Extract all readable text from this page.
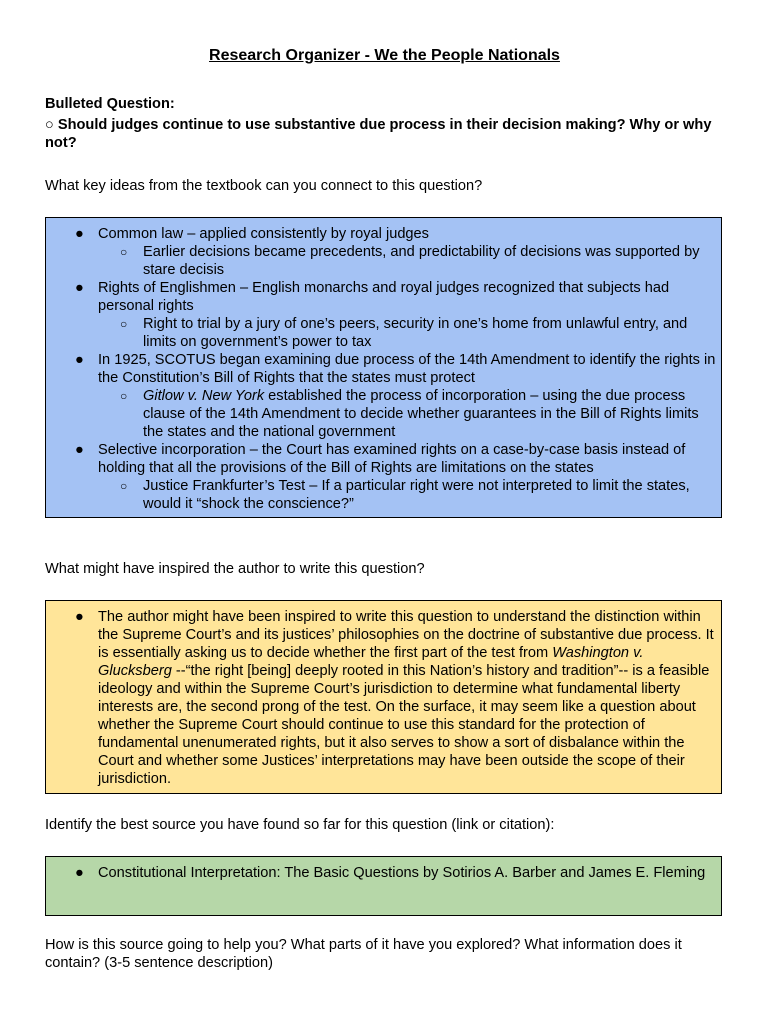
Research Organizer - We the People Nationals
Bulleted Question:
○ Should judges continue to use substantive due process in their decision making? Why or why not?
What key ideas from the textbook can you connect to this question?
● Common law – applied consistently by royal judges
○ Earlier decisions became precedents, and predictability of decisions was supported by stare decisis
● Rights of Englishmen – English monarchs and royal judges recognized that subjects had personal rights
○ Right to trial by a jury of one’s peers, security in one’s home from unlawful entry, and limits on government’s power to tax
● In 1925, SCOTUS began examining due process of the 14th Amendment to identify the rights in the Constitution’s Bill of Rights that the states must protect
○ Gitlow v. New York established the process of incorporation – using the due process clause of the 14th Amendment to decide whether guarantees in the Bill of Rights limits the states and the national government
● Selective incorporation – the Court has examined rights on a case-by-case basis instead of holding that all the provisions of the Bill of Rights are limitations on the states
○ Justice Frankfurter’s Test – If a particular right were not interpreted to limit the states, would it “shock the conscience?”
What might have inspired the author to write this question?
● The author might have been inspired to write this question to understand the distinction within the Supreme Court’s and its justices’ philosophies on the doctrine of substantive due process. It is essentially asking us to decide whether the first part of the test from Washington v. Glucksberg --“the right [being] deeply rooted in this Nation’s history and tradition”-- is a feasible ideology and within the Supreme Court’s jurisdiction to determine what fundamental liberty interests are, the second prong of the test. On the surface, it may seem like a question about whether the Supreme Court should continue to use this standard for the protection of fundamental unenumerated rights, but it also serves to show a sort of disbalance within the Court and whether some Justices’ interpretations may have been outside the scope of their jurisdiction.
Identify the best source you have found so far for this question (link or citation):
● Constitutional Interpretation: The Basic Questions by Sotirios A. Barber and James E. Fleming
How is this source going to help you? What parts of it have you explored? What information does it contain? (3-5 sentence description)
